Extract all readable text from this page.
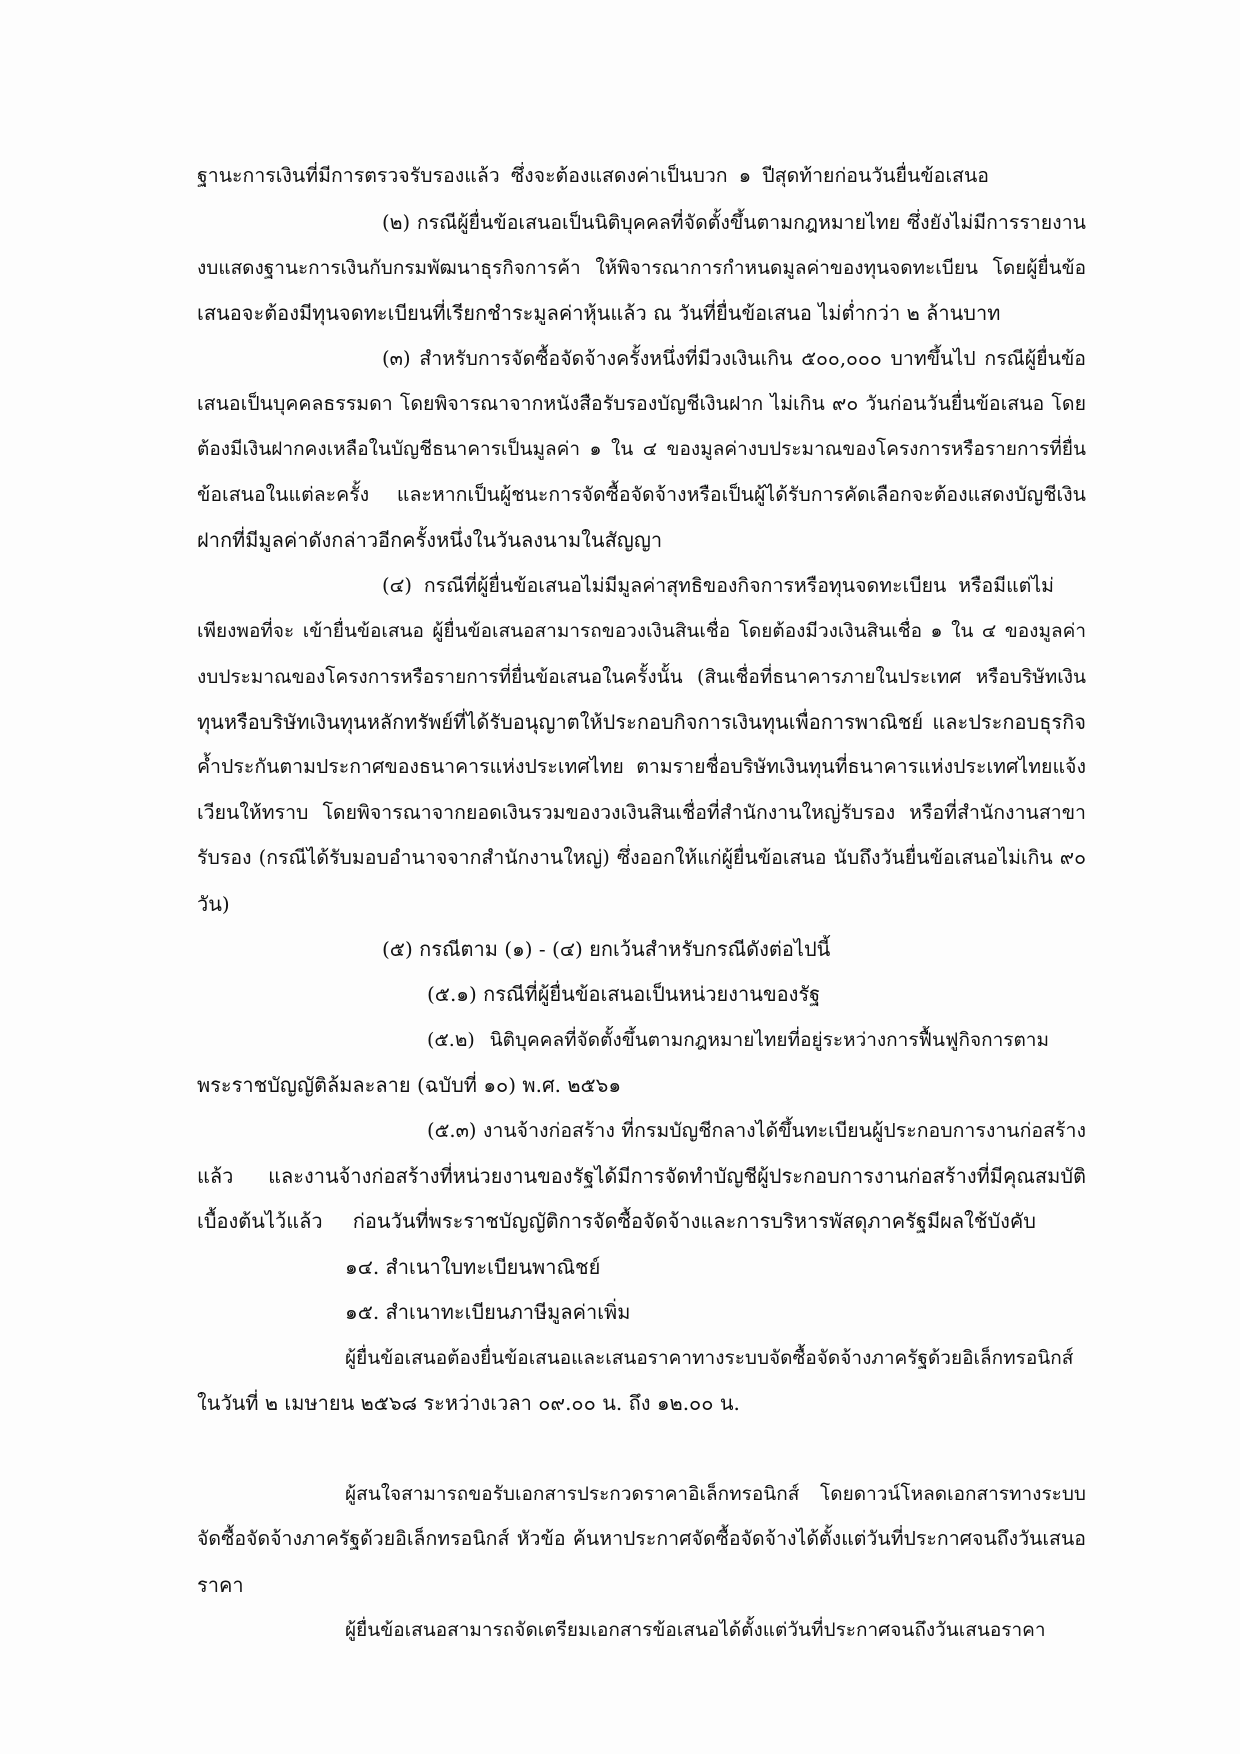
ฐานะการเงินที่มีการตรวจรับรองแล้ว ซึ่งจะต้องแสดงค่าเป็นบวก ๑ ปีสุดท้ายก่อนวันยื่นข้อเสนอ

(๒) กรณีผู้ยื่นข้อเสนอเป็นนิติบุคคลที่จัดตั้งขึ้นตามกฎหมายไทย ซึ่งยังไม่มีการรายงาน

งบแสดงฐานะการเงินกับกรมพัฒนาธุรกิจการค้า ให้พิจารณาการกำหนดมูลค่าของทุนจดทะเบียน โดยผู้ยื่นข้อ

เสนอจะต้องมีทุนจดทะเบียนที่เรียกชำระมูลค่าหุ้นแล้ว ณ วันที่ยื่นข้อเสนอ ไม่ต่ำกว่า ๒ ล้านบาท

(๓) สำหรับการจัดซื้อจัดจ้างครั้งหนึ่งที่มีวงเงินเกิน ๕๐๐,๐๐๐ บาทขึ้นไป กรณีผู้ยื่นข้อ

เสนอเป็นบุคคลธรรมดา โดยพิจารณาจากหนังสือรับรองบัญชีเงินฝาก ไม่เกิน ๙๐ วันก่อนวันยื่นข้อเสนอ โดย

ต้องมีเงินฝากคงเหลือในบัญชีธนาคารเป็นมูลค่า ๑ ใน ๔ ของมูลค่างบประมาณของโครงการหรือรายการที่ยื่น

ข้อเสนอในแต่ละครั้ง และหากเป็นผู้ชนะการจัดซื้อจัดจ้างหรือเป็นผู้ได้รับการคัดเลือกจะต้องแสดงบัญชีเงิน

ฝากที่มีมูลค่าดังกล่าวอีกครั้งหนึ่งในวันลงนามในสัญญา

(๔) กรณีที่ผู้ยื่นข้อเสนอไม่มีมูลค่าสุทธิของกิจการหรือทุนจดทะเบียน หรือมีแต่ไม่

เพียงพอที่จะ เข้ายื่นข้อเสนอ ผู้ยื่นข้อเสนอสามารถขอวงเงินสินเชื่อ โดยต้องมีวงเงินสินเชื่อ ๑ ใน ๔ ของมูลค่า

งบประมาณของโครงการหรือรายการที่ยื่นข้อเสนอในครั้งนั้น (สินเชื่อที่ธนาคารภายในประเทศ หรือบริษัทเงิน

ทุนหรือบริษัทเงินทุนหลักทรัพย์ที่ได้รับอนุญาตให้ประกอบกิจการเงินทุนเพื่อการพาณิชย์ และประกอบธุรกิจ

ค้ำประกันตามประกาศของธนาคารแห่งประเทศไทย ตามรายชื่อบริษัทเงินทุนที่ธนาคารแห่งประเทศไทยแจ้ง

เวียนให้ทราบ โดยพิจารณาจากยอดเงินรวมของวงเงินสินเชื่อที่สำนักงานใหญ่รับรอง หรือที่สำนักงานสาขา

รับรอง (กรณีได้รับมอบอำนาจจากสำนักงานใหญ่) ซึ่งออกให้แก่ผู้ยื่นข้อเสนอ นับถึงวันยื่นข้อเสนอไม่เกิน ๙๐

วัน)

(๕) กรณีตาม (๑) - (๔) ยกเว้นสำหรับกรณีดังต่อไปนี้

(๕.๑) กรณีที่ผู้ยื่นข้อเสนอเป็นหน่วยงานของรัฐ

(๕.๒) นิติบุคคลที่จัดตั้งขึ้นตามกฎหมายไทยที่อยู่ระหว่างการฟื้นฟูกิจการตาม

พระราชบัญญัติล้มละลาย (ฉบับที่ ๑๐) พ.ศ. ๒๕๖๑

(๕.๓) งานจ้างก่อสร้าง ที่กรมบัญชีกลางได้ขึ้นทะเบียนผู้ประกอบการงานก่อสร้าง

แล้ว และงานจ้างก่อสร้างที่หน่วยงานของรัฐได้มีการจัดทำบัญชีผู้ประกอบการงานก่อสร้างที่มีคุณสมบัติ

เบื้องต้นไว้แล้ว ก่อนวันที่พระราชบัญญัติการจัดซื้อจัดจ้างและการบริหารพัสดุภาครัฐมีผลใช้บังคับ

๑๔. สำเนาใบทะเบียนพาณิชย์

๑๕. สำเนาทะเบียนภาษีมูลค่าเพิ่ม

ผู้ยื่นข้อเสนอต้องยื่นข้อเสนอและเสนอราคาทางระบบจัดซื้อจัดจ้างภาครัฐด้วยอิเล็กทรอนิกส์

ในวันที่ ๒ เมษายน ๒๕๖๘ ระหว่างเวลา ๐๙.๐๐ น. ถึง ๑๒.๐๐ น.

ผู้สนใจสามารถขอรับเอกสารประกวดราคาอิเล็กทรอนิกส์ โดยดาวน์โหลดเอกสารทางระบบ

จัดซื้อจัดจ้างภาครัฐด้วยอิเล็กทรอนิกส์ หัวข้อ ค้นหาประกาศจัดซื้อจัดจ้างได้ตั้งแต่วันที่ประกาศจนถึงวันเสนอ

ราคา

ผู้ยื่นข้อเสนอสามารถจัดเตรียมเอกสารข้อเสนอได้ตั้งแต่วันที่ประกาศจนถึงวันเสนอราคา
